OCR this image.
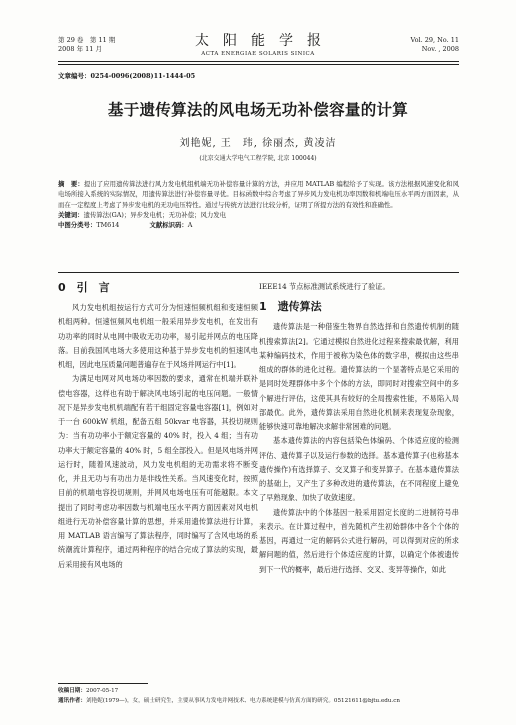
第 29 卷　第 11 期
2008 年 11 月	太阳能学报
ACTA ENERGIAE SOLARIS SINICA
Vol. 29, No. 11
Nov. , 2008
文章编号：0254-0096(2008)11-1444-05
基于遗传算法的风电场无功补偿容量的计算
刘艳妮, 王　玮, 徐丽杰, 黄凌洁
(北京交通大学电气工程学院, 北京 100044)
摘　要：提出了应用遗传算法进行风力发电机组机端无功补偿容量计算的方法，并应用 MATLAB 编程给予了实现。该方法根据风速变化和风电场所接入系统的实际情况，用遗传算法进行补偿容量寻优。目标函数中综合考虑了异步风力发电机功率因数和机端电压水平两方面因素，从而在一定程度上考虑了异步发电机的无功电压特性。通过与传统方法进行比较分析，证明了所提方法的有效性和准确性。
关键词：遗传算法(GA)；异步发电机；无功补偿；风力发电
中图分类号：TM614	文献标识码：A
0　引　言

风力发电机组按运行方式可分为恒速恒频机组和变速恒频机组两种。恒速恒频风电机组一般采用异步发电机，在发出有功功率的同时从电网中吸收无功功率，易引起并网点的电压降落。目前我国风电场大多使用这种基于异步发电机的恒速风电机组，因此电压质量问题普遍存在于风场并网运行中[1]。

为满足电网对风电场功率因数的要求，通常在机端并联补偿电容器，这样也有助于解决风电场引起的电压问题。一般情况下是异步发电机机端配有若干组固定容量电容器[1]，例如对于一台 600kW 机组，配备五组 50kvar 电容器，其投切规则为：当有功功率小于额定容量的 40% 时，投入 4 组；当有功功率大于额定容量的 40% 时，5 组全部投入。但是风电场并网运行时，随着风速波动，风力发电机组的无功需求将不断变化，并且无功与有功出力是非线性关系。当风速变化时，按照目前的机端电容投切规则，并网风电场电压有可能越限。本文提出了同时考虑功率因数与机端电压水平两方面因素对风电机组进行无功补偿容量计算的思想，并采用遗传算法进行计算，用 MATLAB 语言编写了算法程序，同时编写了含风电场的系统潮流计算程序，通过两种程序的结合完成了算法的实现，最后采用接有风电场的

IEEE14 节点标准测试系统进行了验证。
1　遗传算法

遗传算法是一种借鉴生物界自然选择和自然遗传机制的随机搜索算法[2]。它通过模拟自然进化过程来搜索最优解，利用某种编码技术，作用于被称为染色体的数字串，模拟由这些串组成的群体的进化过程。遗传算法的一个显著特点是它采用的是同时处理群体中多个个体的方法，即同时对搜索空间中的多个解进行评估，这使其具有较好的全局搜索性能，不易陷入局部最优。此外，遗传算法采用自然进化机制来表现复杂现象，能够快速可靠地解决求解非常困难的问题。

基本遗传算法的内容包括染色体编码、个体适应度的检测评估、遗传算子以及运行参数的选择。基本遗传算子(也称基本遗传操作)有选择算子、交叉算子和变异算子。在基本遗传算法的基础上，又产生了多种改进的遗传算法，在不同程度上避免了早熟现象、加快了收敛速度。

遗传算法中的个体基因一般采用固定长度的二进制符号串来表示。在计算过程中，首先随机产生初始群体中各个个体的基因，再通过一定的解码公式进行解码，可以得到对应的所求解问题的值，然后进行个体适应度的计算，以确定个体被遗传到下一代的概率，最后进行选择、交叉、变异等操作，如此

收稿日期：2007-05-17
通讯作者：刘艳妮(1979—)，女，硕士研究生，主要从事风力发电并网技术、电力系统建模与仿真方面的研究。05121611@bjtu.edu.cn
